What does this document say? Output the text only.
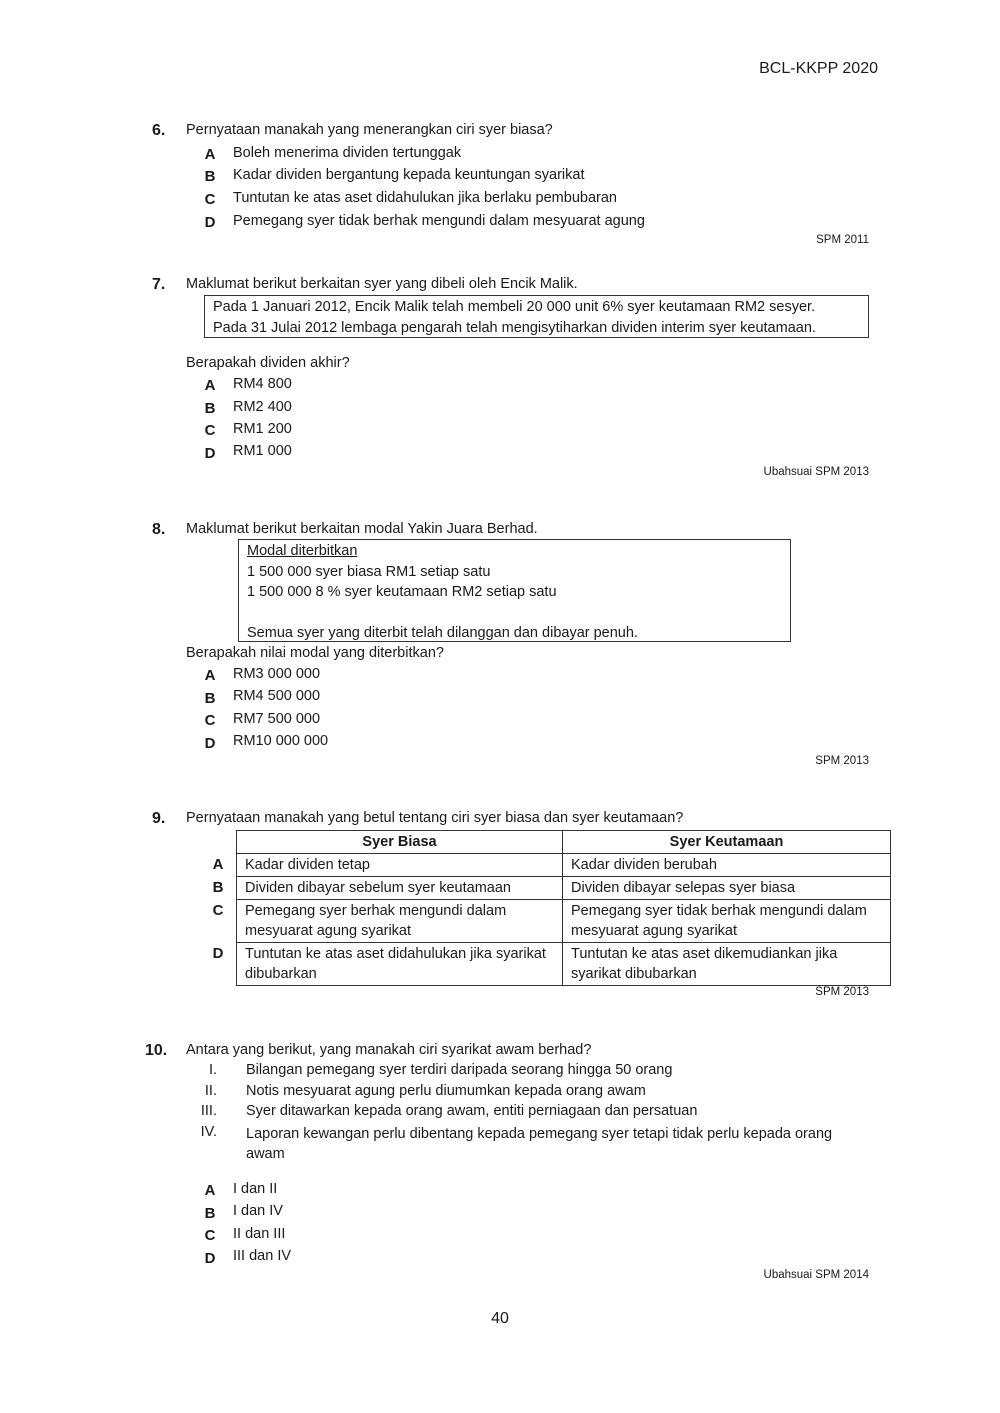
BCL-KKPP 2020
6. Pernyataan manakah yang menerangkan ciri syer biasa?
A	Boleh menerima dividen tertunggak
B	Kadar dividen bergantung kepada keuntungan syarikat
C	Tuntutan ke atas aset didahulukan jika berlaku pembubaran
D	Pemegang syer tidak berhak mengundi dalam mesyuarat agung
SPM 2011
7. Maklumat berikut berkaitan syer yang dibeli oleh Encik Malik.
Pada 1 Januari 2012, Encik Malik telah membeli 20 000 unit 6% syer keutamaan RM2 sesyer.
Pada 31 Julai 2012 lembaga pengarah telah mengisytiharkan dividen interim syer keutamaan.
Berapakah dividen akhir?
A	RM4 800
B	RM2 400
C	RM1 200
D	RM1 000
Ubahsuai SPM 2013
8. Maklumat berikut berkaitan modal Yakin Juara Berhad.
Modal diterbitkan
1 500 000 syer biasa RM1 setiap satu
1 500 000 8 % syer keutamaan RM2 setiap satu
Semua syer yang diterbit telah dilanggan dan dibayar penuh.
Berapakah nilai modal yang diterbitkan?
A	RM3 000 000
B	RM4 500 000
C	RM7 500 000
D	RM10 000 000
SPM 2013
9. Pernyataan manakah yang betul tentang ciri syer biasa dan syer keutamaan?
	Syer Biasa	Syer Keutamaan
A	Kadar dividen tetap	Kadar dividen berubah
B	Dividen dibayar sebelum syer keutamaan	Dividen dibayar selepas syer biasa
C	Pemegang syer berhak mengundi dalam mesyuarat agung syarikat	Pemegang syer tidak berhak mengundi dalam mesyuarat agung syarikat
D	Tuntutan ke atas aset didahulukan jika syarikat dibubarkan	Tuntutan ke atas aset dikemudiankan jika syarikat dibubarkan
SPM 2013
10. Antara yang berikut, yang manakah ciri syarikat awam berhad?
I. Bilangan pemegang syer terdiri daripada seorang hingga 50 orang
II. Notis mesyuarat agung perlu diumumkan kepada orang awam
III. Syer ditawarkan kepada orang awam, entiti perniagaan dan persatuan
IV. Laporan kewangan perlu dibentang kepada pemegang syer tetapi tidak perlu kepada orang awam
A	I dan II
B	I dan IV
C	II dan III
D	III dan IV
Ubahsuai SPM 2014
40
